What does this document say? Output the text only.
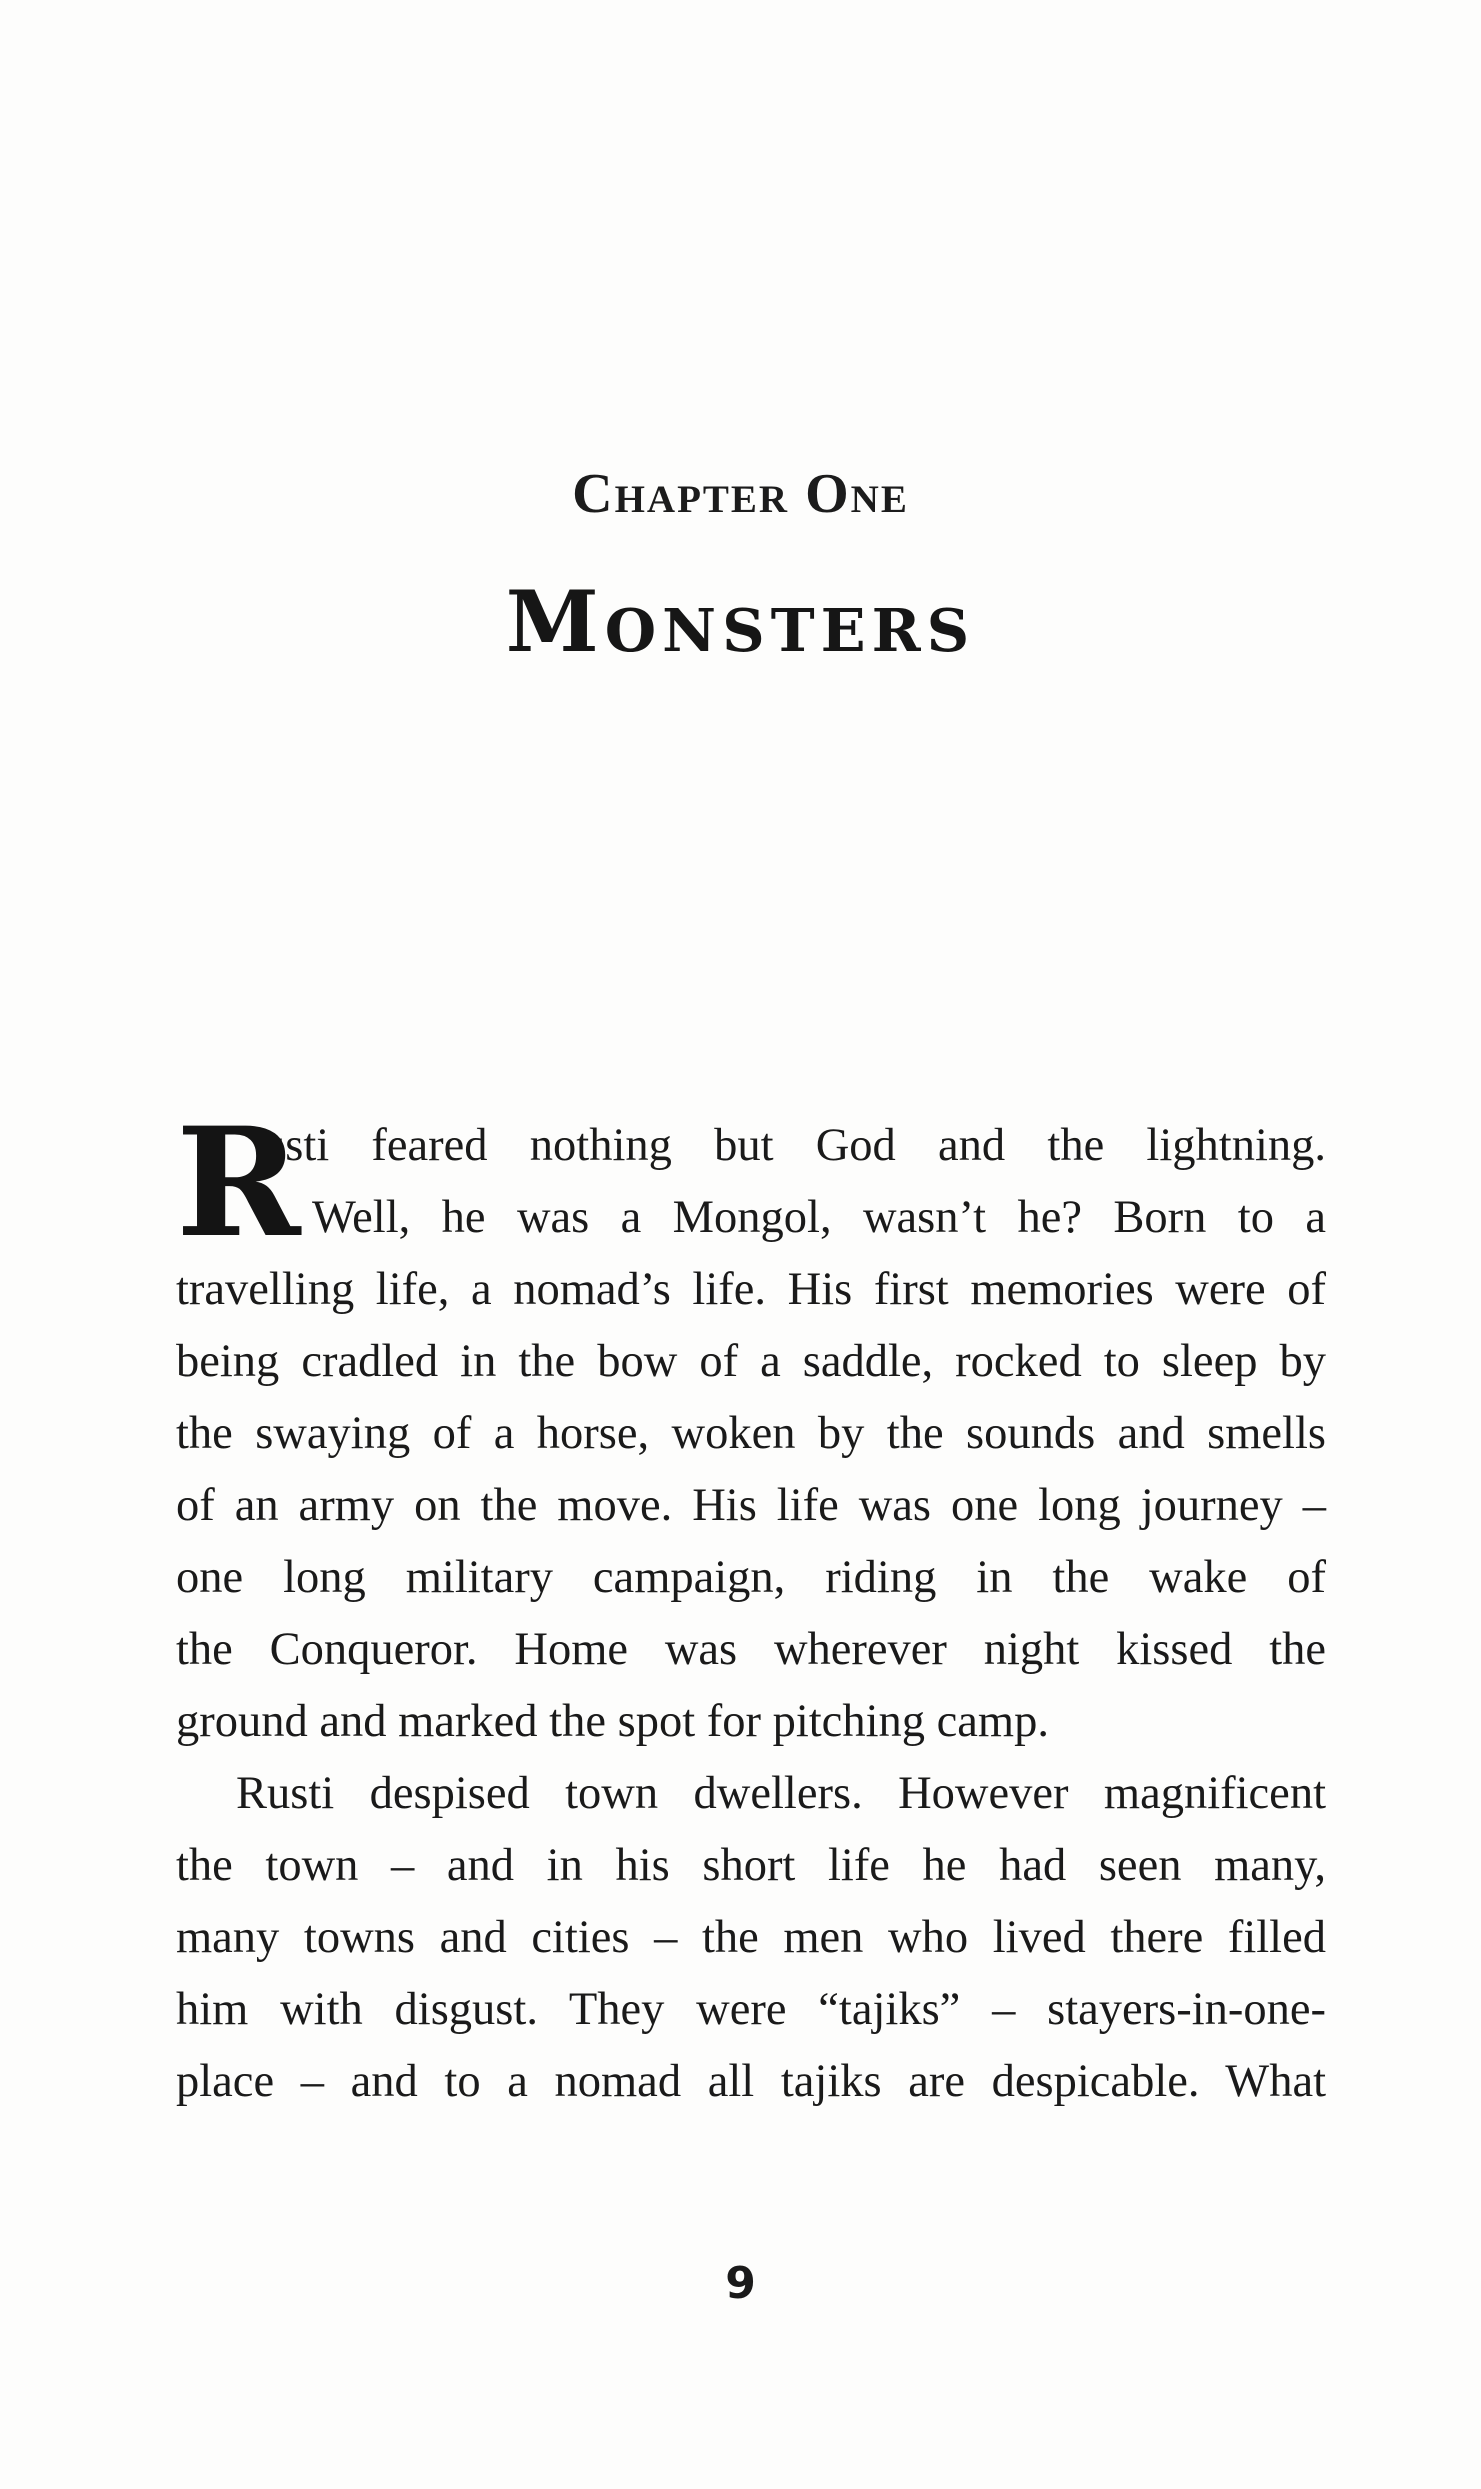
Chapter One
Monsters
R
usti feared nothing but God and the lightning.
Well, he was a Mongol, wasn’t he? Born to a
travelling life, a nomad’s life. His first memories were of
being cradled in the bow of a saddle, rocked to sleep by
the swaying of a horse, woken by the sounds and smells
of an army on the move. His life was one long journey –
one long military campaign, riding in the wake of
the Conqueror. Home was wherever night kissed the
ground and marked the spot for pitching camp.
Rusti despised town dwellers. However magnificent
the town – and in his short life he had seen many,
many towns and cities – the men who lived there filled
him with disgust. They were “tajiks” – stayers-in-one-
place – and to a nomad all tajiks are despicable. What
9
